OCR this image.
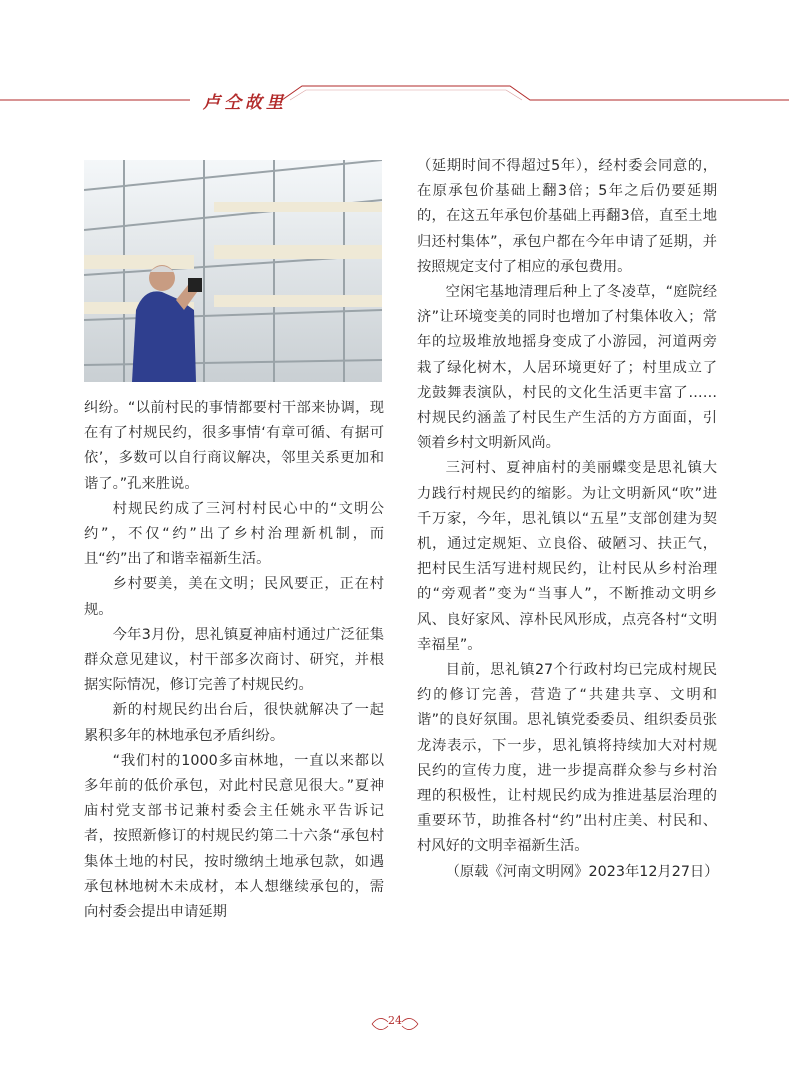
卢仝故里

纠纷。“以前村民的事情都要村干部来协调，现在有了村规民约，很多事情‘有章可循、有据可依’，多数可以自行商议解决，邻里关系更加和谐了。”孔来胜说。

村规民约成了三河村村民心中的“文明公约”，不仅“约”出了乡村治理新机制，而且“约”出了和谐幸福新生活。

乡村要美，美在文明；民风要正，正在村规。

今年3月份，思礼镇夏神庙村通过广泛征集群众意见建议，村干部多次商讨、研究，并根据实际情况，修订完善了村规民约。

新的村规民约出台后，很快就解决了一起累积多年的林地承包矛盾纠纷。

“我们村的1000多亩林地，一直以来都以多年前的低价承包，对此村民意见很大。”夏神庙村党支部书记兼村委会主任姚永平告诉记者，按照新修订的村规民约第二十六条“承包村集体土地的村民，按时缴纳土地承包款，如遇承包林地树木未成材，本人想继续承包的，需向村委会提出申请延期

（延期时间不得超过5年），经村委会同意的，在原承包价基础上翻3倍；5年之后仍要延期的，在这五年承包价基础上再翻3倍，直至土地归还村集体”，承包户都在今年申请了延期，并按照规定支付了相应的承包费用。

空闲宅基地清理后种上了冬凌草，“庭院经济”让环境变美的同时也增加了村集体收入；常年的垃圾堆放地摇身变成了小游园，河道两旁栽了绿化树木，人居环境更好了；村里成立了龙鼓舞表演队，村民的文化生活更丰富了……村规民约涵盖了村民生产生活的方方面面，引领着乡村文明新风尚。

三河村、夏神庙村的美丽蝶变是思礼镇大力践行村规民约的缩影。为让文明新风“吹”进千万家，今年，思礼镇以“五星”支部创建为契机，通过定规矩、立良俗、破陋习、扶正气，把村民生活写进村规民约，让村民从乡村治理的“旁观者”变为“当事人”，不断推动文明乡风、良好家风、淳朴民风形成，点亮各村“文明幸福星”。

目前，思礼镇27个行政村均已完成村规民约的修订完善，营造了“共建共享、文明和谐”的良好氛围。思礼镇党委委员、组织委员张龙涛表示，下一步，思礼镇将持续加大对村规民约的宣传力度，进一步提高群众参与乡村治理的积极性，让村规民约成为推进基层治理的重要环节，助推各村“约”出村庄美、村民和、村风好的文明幸福新生活。

（原载《河南文明网》2023年12月27日）

24
